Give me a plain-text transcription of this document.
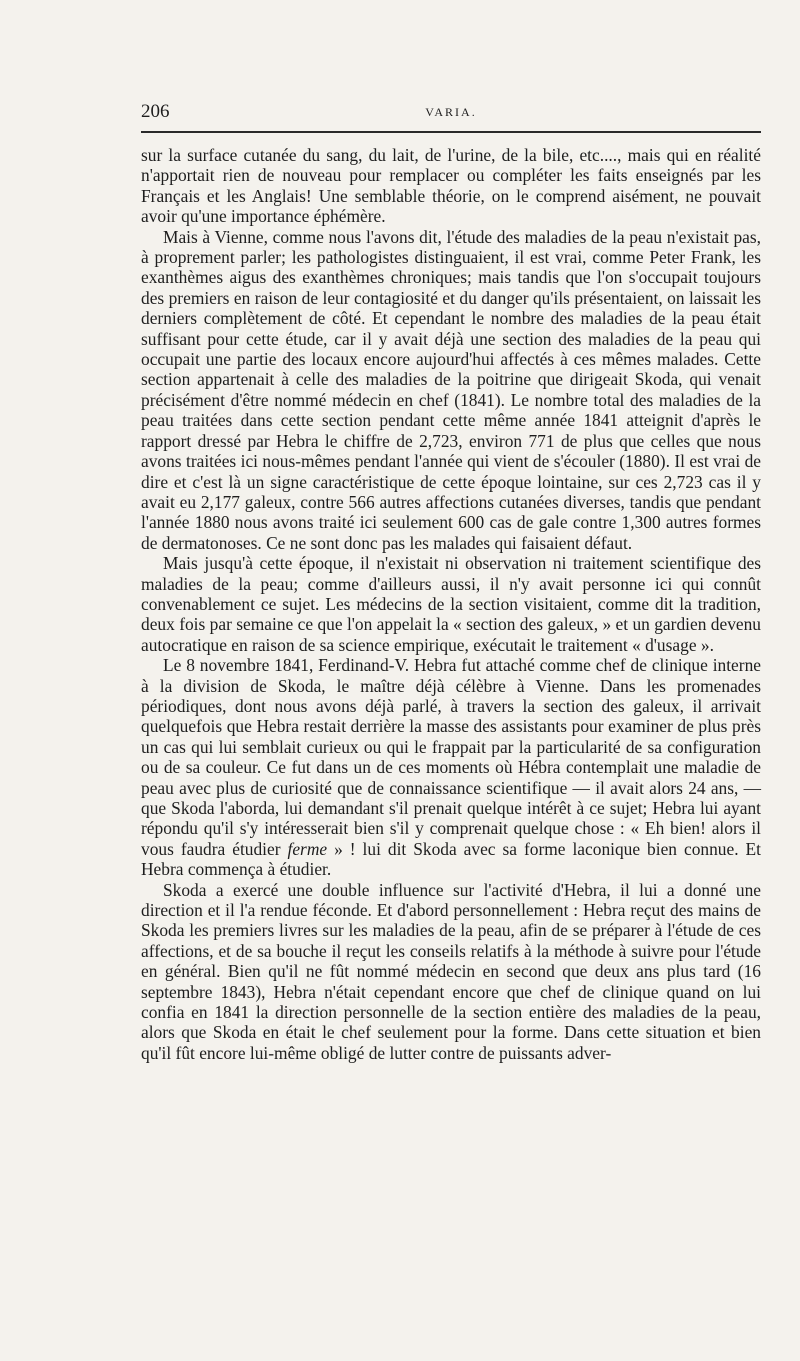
206	VARIA.

sur la surface cutanée du sang, du lait, de l'urine, de la bile, etc...., mais qui en réalité n'apportait rien de nouveau pour remplacer ou compléter les faits enseignés par les Français et les Anglais! Une semblable théorie, on le comprend aisément, ne pouvait avoir qu'une importance éphémère.

Mais à Vienne, comme nous l'avons dit, l'étude des maladies de la peau n'existait pas, à proprement parler; les pathologistes distinguaient, il est vrai, comme Peter Frank, les exanthèmes aigus des exanthèmes chroniques; mais tandis que l'on s'occupait toujours des premiers en raison de leur contagiosité et du danger qu'ils présentaient, on laissait les derniers complètement de côté. Et cependant le nombre des maladies de la peau était suffisant pour cette étude, car il y avait déjà une section des maladies de la peau qui occupait une partie des locaux encore aujourd'hui affectés à ces mêmes malades. Cette section appartenait à celle des maladies de la poitrine que dirigeait Skoda, qui venait précisément d'être nommé médecin en chef (1841). Le nombre total des maladies de la peau traitées dans cette section pendant cette même année 1841 atteignit d'après le rapport dressé par Hebra le chiffre de 2,723, environ 771 de plus que celles que nous avons traitées ici nous-mêmes pendant l'année qui vient de s'écouler (1880). Il est vrai de dire et c'est là un signe caractéristique de cette époque lointaine, sur ces 2,723 cas il y avait eu 2,177 galeux, contre 566 autres affections cutanées diverses, tandis que pendant l'année 1880 nous avons traité ici seulement 600 cas de gale contre 1,300 autres formes de dermatonoses. Ce ne sont donc pas les malades qui faisaient défaut.

Mais jusqu'à cette époque, il n'existait ni observation ni traitement scientifique des maladies de la peau; comme d'ailleurs aussi, il n'y avait personne ici qui connût convenablement ce sujet. Les médecins de la section visitaient, comme dit la tradition, deux fois par semaine ce que l'on appelait la « section des galeux, » et un gardien devenu autocratique en raison de sa science empirique, exécutait le traitement « d'usage ».

Le 8 novembre 1841, Ferdinand-V. Hebra fut attaché comme chef de clinique interne à la division de Skoda, le maître déjà célèbre à Vienne. Dans les promenades périodiques, dont nous avons déjà parlé, à travers la section des galeux, il arrivait quelquefois que Hebra restait derrière la masse des assistants pour examiner de plus près un cas qui lui semblait curieux ou qui le frappait par la particularité de sa configuration ou de sa couleur. Ce fut dans un de ces moments où Hébra contemplait une maladie de peau avec plus de curiosité que de connaissance scientifique — il avait alors 24 ans, — que Skoda l'aborda, lui demandant s'il prenait quelque intérêt à ce sujet; Hebra lui ayant répondu qu'il s'y intéresserait bien s'il y comprenait quelque chose : « Eh bien! alors il vous faudra étudier ferme » ! lui dit Skoda avec sa forme laconique bien connue. Et Hebra commença à étudier.

Skoda a exercé une double influence sur l'activité d'Hebra, il lui a donné une direction et il l'a rendue féconde. Et d'abord personnellement : Hebra reçut des mains de Skoda les premiers livres sur les maladies de la peau, afin de se préparer à l'étude de ces affections, et de sa bouche il reçut les conseils relatifs à la méthode à suivre pour l'étude en général. Bien qu'il ne fût nommé médecin en second que deux ans plus tard (16 septembre 1843), Hebra n'était cependant encore que chef de clinique quand on lui confia en 1841 la direction personnelle de la section entière des maladies de la peau, alors que Skoda en était le chef seulement pour la forme. Dans cette situation et bien qu'il fût encore lui-même obligé de lutter contre de puissants adver-
